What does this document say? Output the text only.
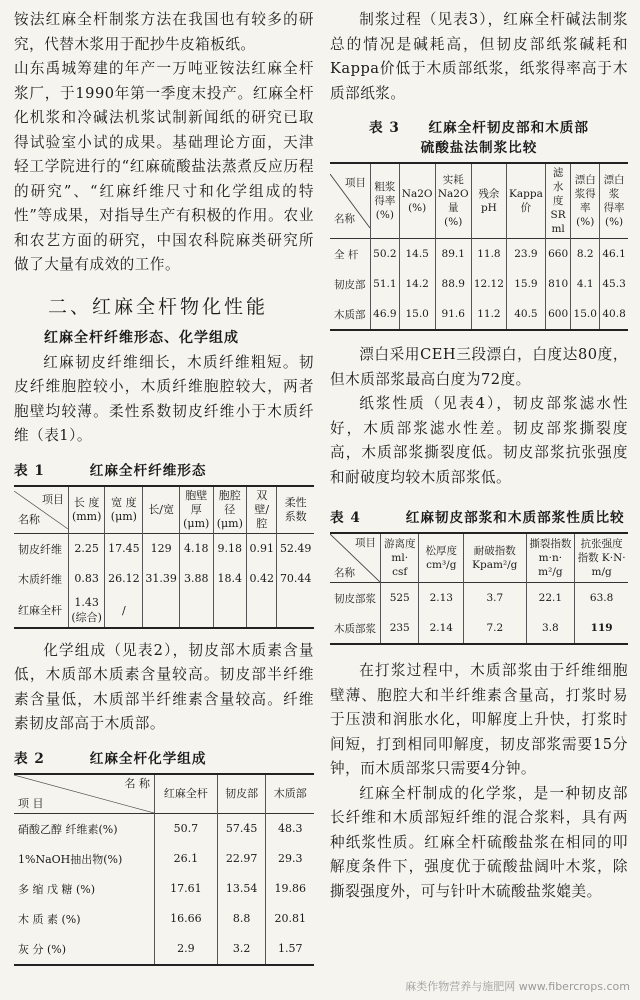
铵法红麻全杆制浆方法在我国也有较多的研究，代替木浆用于配抄牛皮箱板纸。

山东禹城筹建的年产一万吨亚铵法红麻全杆浆厂，于1990年第一季度末投产。红麻全杆化机浆和冷碱法机浆试制新闻纸的研究已取得试验室小试的成果。基础理论方面，天津轻工学院进行的“红麻硫酸盐法蒸煮反应历程的研究”、“红麻纤维尺寸和化学组成的特性”等成果，对指导生产有积极的作用。农业和农艺方面的研究，中国农科院麻类研究所做了大量有成效的工作。

二、红麻全杆物化性能
红麻全杆纤维形态、化学组成

红麻韧皮纤维细长，木质纤维粗短。韧皮纤维胞腔较小，木质纤维胞腔较大，两者胞壁均较薄。柔性系数韧皮纤维小于木质纤维（表1）。

表 1	红麻全杆纤维形态
项目
名称	长 度 (mm)	宽 度 (μm)	长/宽	胞壁厚 (μm)	胞腔径 (μm)	双壁/腔	柔性 系数
韧皮纤维	2.25	17.45	129	4.18	9.18	0.91	52.49
木质纤维	0.83	26.12	31.39	3.88	18.4	0.42	70.44
红麻全杆	1.43 (综合)	/					

化学组成（见表2），韧皮部木质素含量低，木质部木质素含量较高。韧皮部半纤维素含量低，木质部半纤维素含量较高。纤维素韧皮部高于木质部。

表 2	红麻全杆化学组成
名 称
项 目	红麻全杆	韧皮部	木质部
硝酸乙醇 纤维素(%)	50.7	57.45	48.3
1%NaOH抽出物(%)	26.1	22.97	29.3
多 缩 戊 糖 (%)	17.61	13.54	19.86
木 质 素 (%)	16.66	8.8	20.81
灰 分 (%)	2.9	3.2	1.57

制浆过程（见表3），红麻全杆碱法制浆总的情况是碱耗高，但韧皮部纸浆碱耗和Kappa价低于木质部纸浆，纸浆得率高于木质部纸浆。

表 3 红麻全杆韧皮部和木质部
硫酸盐法制浆比较
项目
名称	粗浆 得率 (%)	Na2O (%)	实耗 Na2O 量 (%)	残余 pH	Kappa 价	滤水 度 SR ml	漂白 浆得 率(%)	漂白浆 得率 (%)
全 杆	50.2	14.5	89.1	11.8	23.9	660	8.2	46.1
韧皮部	51.1	14.2	88.9	12.12	15.9	810	4.1	45.3
木质部	46.9	15.0	91.6	11.2	40.5	600	15.0	40.8

漂白采用CEH三段漂白，白度达80度，但木质部浆最高白度为72度。

纸浆性质（见表4），韧皮部浆滤水性好，木质部浆滤水性差。韧皮部浆撕裂度高，木质部浆撕裂度低。韧皮部浆抗张强度和耐破度均较木质部浆低。

表 4	红麻韧皮部浆和木质部浆性质比较
项目
名称	游离度 ml· csf	松厚度 cm³/g	耐破指数 Kpam²/g	撕裂指数 m·n· m²/g	抗张强度 指数 K·N· m/g
韧皮部浆	525	2.13	3.7	22.1	63.8
木质部浆	235	2.14	7.2	3.8	119

在打浆过程中，木质部浆由于纤维细胞壁薄、胞腔大和半纤维素含量高，打浆时易于压溃和润胀水化，叩解度上升快，打浆时间短，打到相同叩解度，韧皮部浆需要15分钟，而木质部浆只需要4分钟。

红麻全杆制成的化学浆，是一种韧皮部长纤维和木质部短纤维的混合浆料，具有两种纸浆性质。红麻全杆硫酸盐浆在相同的叩解度条件下，强度优于硫酸盐阔叶木浆，除撕裂强度外，可与针叶木硫酸盐浆媲美。

麻类作物营养与施肥网 www.fibercrops.com
